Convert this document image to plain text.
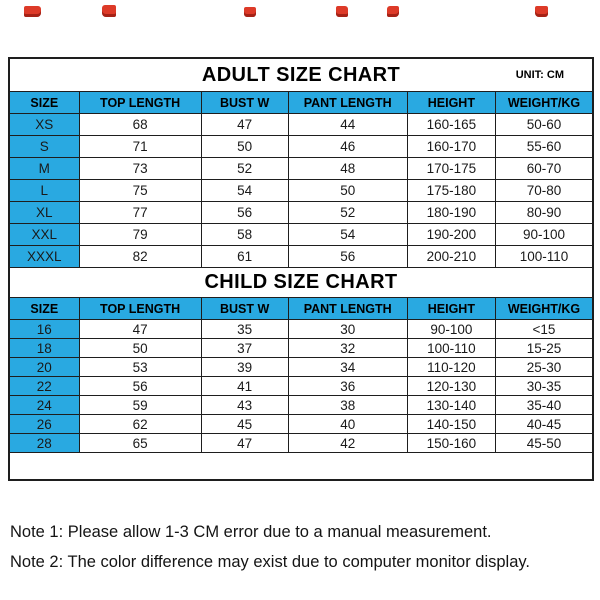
ADULT SIZE CHART UNIT: CM					

SIZE	TOP LENGTH	BUST W	PANT LENGTH	HEIGHT	WEIGHT/KG
XS	68	47	44	160-165	50-60
S	71	50	46	160-170	55-60
M	73	52	48	170-175	60-70
L	75	54	50	175-180	70-80
XL	77	56	52	180-190	80-90
XXL	79	58	54	190-200	90-100
XXXL	82	61	56	200-210	100-110
CHILD SIZE CHART					
SIZE	TOP LENGTH	BUST W	PANT LENGTH	HEIGHT	WEIGHT/KG
16	47	35	30	90-100	<15
18	50	37	32	100-110	15-25
20	53	39	34	110-120	25-30
22	56	41	36	120-130	30-35
24	59	43	38	130-140	35-40
26	62	45	40	140-150	40-45
28	65	47	42	150-160	45-50

Note 1: Please allow 1-3 CM error due to a manual measurement.

Note 2: The color difference may exist due to computer monitor display.
